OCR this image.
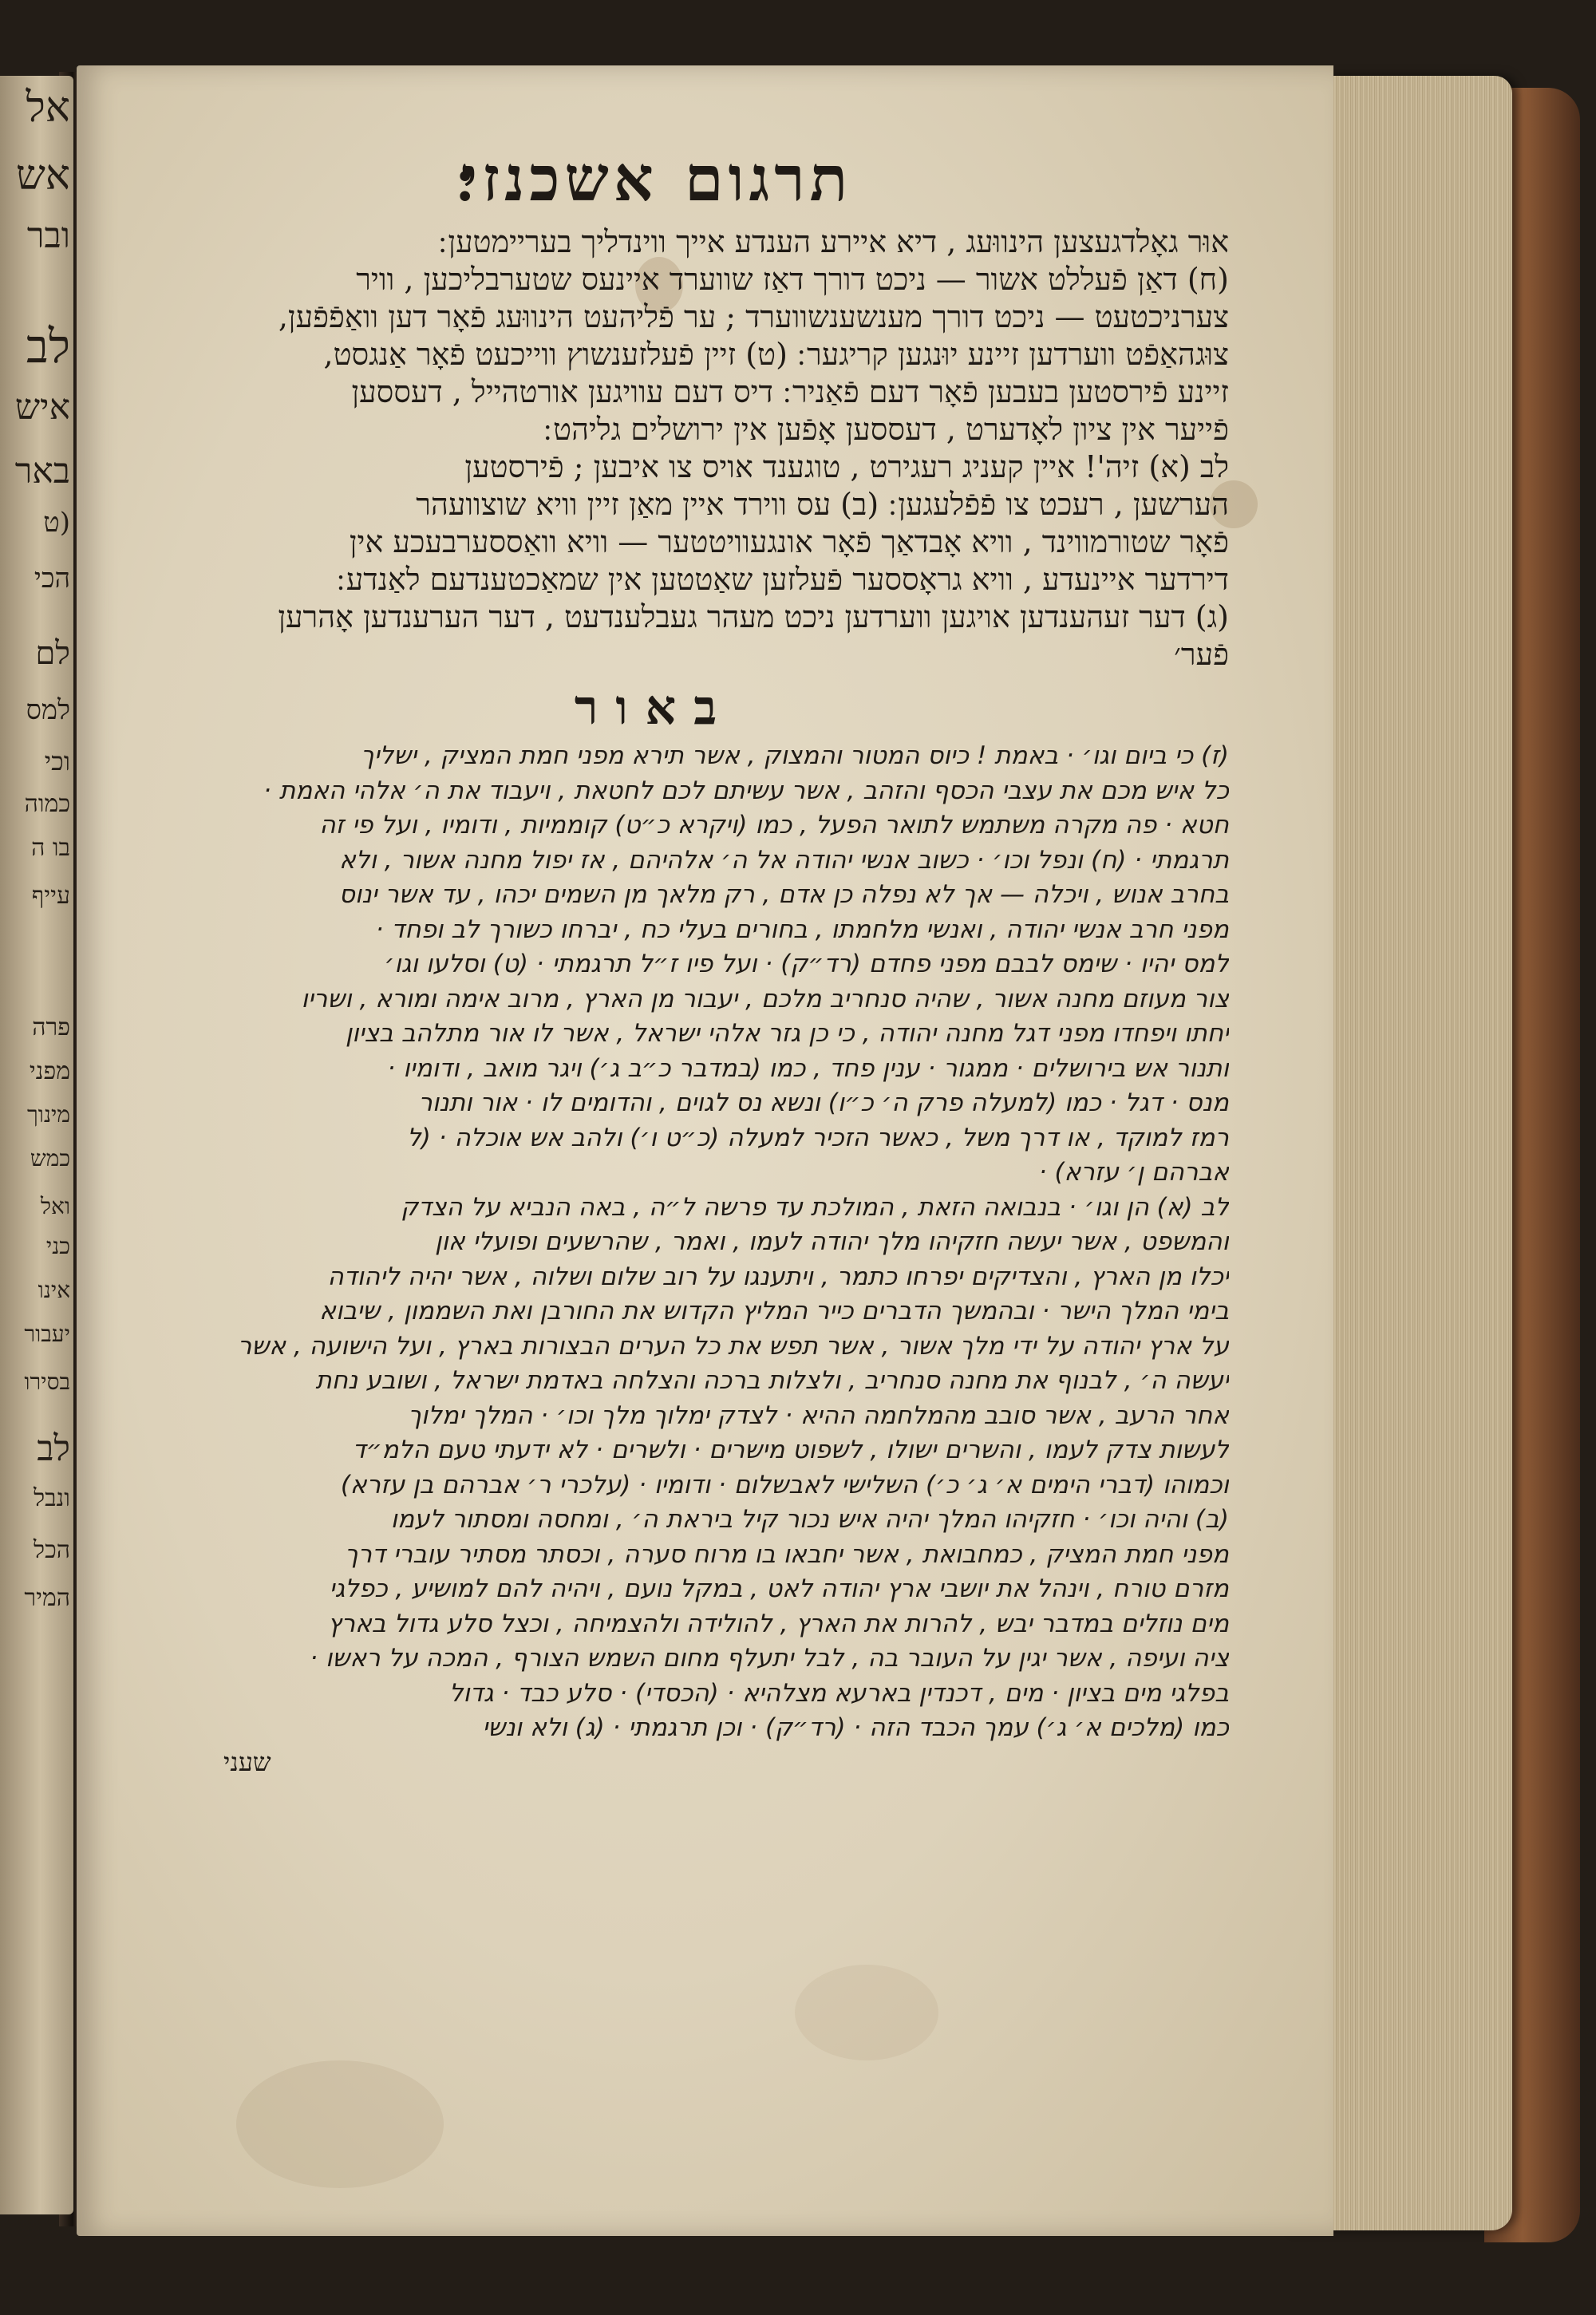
אל
אש
ובר
לב
איש
באר
(ט
הכי
לם
למס
וכי
כמוה
בו ה
עייף
פרה
מפני
מינוך
כמש
ואל
כני
אינו
יעבור
בסירו
לב
ונבל
הכל
המיר
תרגום אשכנזי׃
אוּר גאָלדגעצען הינווּעג , דיא איירע הענדע אייך ווינדליך בעריימטען ׃
(ח) דאַן פֿעללט אשור — ניכט דורך דאַז שווערד איינעס שטערבליכען , וויר
צערניכטעט — ניכט דורך מענשענשווערד ; ער פֿליהעט הינווּעג פֿאָר דען וואַפֿפֿען,
צוּגהאַפֿט ווערדען זיינע יוּנגען קריגער ׃ (ט) זיין פֿעלזענשוץ ווייכעט פֿאָר אַנגסט,
זיינע פֿירסטען בעבען פֿאָר דעם פֿאַניר ׃ דיס דעם עוויגען אורטהייל , דעססען
פֿייער אין ציון לאָדערט , דעססען אָפֿען אין ירושלים גליהט ׃
לב (א) זיה'! איין קעניג רעגירט , טוגענד אויס צו איבען ; פֿירסטען
הערשען , רעכט צו פֿפֿלעגען ׃ (ב) עס ווירד איין מאַן זיין וויא שוצוועהר
פֿאָר שטורמווינד , וויא אָבדאַך פֿאָר אונגעוויטטער — וויא וואַססערבעכע אין
דירדער איינעדע , וויא גראָססער פֿעלזען שאַטטען אין שמאַכטענדעם לאַנדע ׃
(ג) דער זעהענדען אויגען ווערדען ניכט מעהר געבלענדעט , דער הערענדען אָהרען
פֿער׳
באור
(ז) כי ביום וגו׳ · באמת ! כיוס המטור והמצוק , אשר תירא מפני חמת המציק , ישליך
כל איש מכם את עצבי הכסף והזהב , אשר עשיתם לכם לחטאת , ויעבוד את ה׳ אלהי האמת ·
חטא · פה מקרה משתמש לתואר הפעל , כמו (ויקרא כ״ט) קוממיות , ודומיו , ועל פי זה
תרגמתי · (ח) ונפל וכו׳ · כשוב אנשי יהודה אל ה׳ אלהיהם , אז יפול מחנה אשור , ולא
בחרב אנוש , ויכלה — אך לא נפלה כן אדם , רק מלאך מן השמים יכהו , עד אשר ינוס
מפני חרב אנשי יהודה , ואנשי מלחמתו , בחורים בעלי כח , יברחו כשורך לב ופחד ·
למס יהיו · שימס לבבם מפני פחדם (רד״ק) · ועל פיו ז״ל תרגמתי · (ט) וסלעו וגו׳
צור מעוזם מחנה אשור , שהיה סנחריב מלכם , יעבור מן הארץ , מרוב אימה ומורא , ושריו
יחתו ויפחדו מפני דגל מחנה יהודה , כי כן גזר אלהי ישראל , אשר לו אור מתלהב בציון
ותנור אש בירושלים · ממגור · ענין פחד , כמו (במדבר כ״ב ג׳) ויגר מואב , ודומיו ·
מנס · דגל · כמו (למעלה פרק ה׳ כ״ו) ונשא נס לגוים , והדומים לו · אור ותנור
רמז למוקד , או דרך משל , כאשר הזכיר למעלה (כ״ט ו׳) ולהב אש אוכלה · (ל
אברהם ן׳ עזרא) ·
לב (א) הן וגו׳ · בנבואה הזאת , המולכת עד פרשה ל״ה , באה הנביא על הצדק
והמשפט , אשר יעשה חזקיהו מלך יהודה לעמו , ואמר , שהרשעים ופועלי און
יכלו מן הארץ , והצדיקים יפרחו כתמר , ויתענגו על רוב שלום ושלוה , אשר יהיה ליהודה
בימי המלך הישר · ובהמשך הדברים כייר המליץ הקדוש את החורבן ואת השממון , שיבוא
על ארץ יהודה על ידי מלך אשור , אשר תפש את כל הערים הבצורות בארץ , ועל הישועה , אשר
יעשה ה׳ , לבנוף את מחנה סנחריב , ולצלות ברכה והצלחה באדמת ישראל , ושובע נחת
אחר הרעב , אשר סובב מהמלחמה ההיא · לצדק ימלוך מלך וכו׳ · המלך ימלוך
לעשות צדק לעמו , והשרים ישולו , לשפוט מישרים · ולשרים · לא ידעתי טעם הלמ״ד
וכמוהו (דברי הימים א׳ ג׳ כ׳) השלישי לאבשלום · ודומיו · (עלכרי ר׳ אברהם בן עזרא)
(ב) והיה וכו׳ · חזקיהו המלך יהיה איש נכור קיל ביראת ה׳ , ומחסה ומסתור לעמו
מפני חמת המציק , כמחבואת , אשר יחבאו בו מרוח סערה , וכסתר מסתיר עוברי דרך
מזרם טורח , וינהל את יושבי ארץ יהודה לאט , במקל נועם , ויהיה להם למושיע , כפלגי
מים נוזלים במדבר יבש , להרות את הארץ , להולידה ולהצמיחה , וכצל סלע גדול בארץ
ציה ועיפה , אשר יגין על העובר בה , לבל יתעלף מחום השמש הצורף , המכה על ראשו ·
בפלגי מים בציון · מים , דכנדין בארעא מצלהיא · (הכסדי) · סלע כבד · גדול
כמו (מלכים א׳ ג׳) עמך הכבד הזה · (רד״ק) · וכן תרגמתי · (ג) ולא ונשי
שעני
